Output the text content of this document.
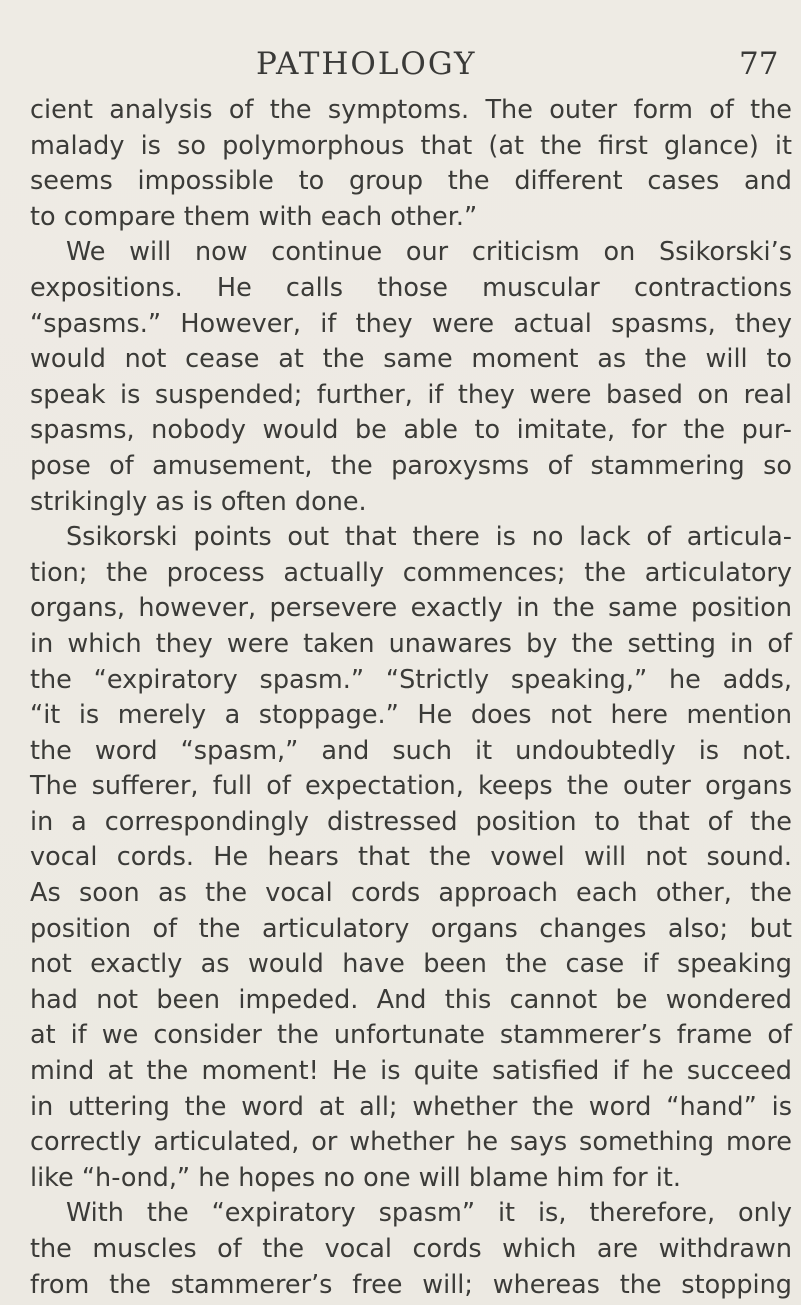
PATHOLOGY	77
cient analysis of the symptoms. The outer form of the
malady is so polymorphous that (at the first glance) it
seems impossible to group the different cases and
to compare them with each other.”
We will now continue our criticism on Ssikorski’s
expositions. He calls those muscular contractions
“spasms.” However, if they were actual spasms, they
would not cease at the same moment as the will to
speak is suspended; further, if they were based on real
spasms, nobody would be able to imitate, for the pur-
pose of amusement, the paroxysms of stammering so
strikingly as is often done.
Ssikorski points out that there is no lack of articula-
tion; the process actually commences; the articulatory
organs, however, persevere exactly in the same position
in which they were taken unawares by the setting in of
the “expiratory spasm.” “Strictly speaking,” he adds,
“it is merely a stoppage.” He does not here mention
the word “spasm,” and such it undoubtedly is not.
The sufferer, full of expectation, keeps the outer organs
in a correspondingly distressed position to that of the
vocal cords. He hears that the vowel will not sound.
As soon as the vocal cords approach each other, the
position of the articulatory organs changes also; but
not exactly as would have been the case if speaking
had not been impeded. And this cannot be wondered
at if we consider the unfortunate stammerer’s frame of
mind at the moment! He is quite satisfied if he succeed
in uttering the word at all; whether the word “hand” is
correctly articulated, or whether he says something more
like “h-ond,” he hopes no one will blame him for it.
With the “expiratory spasm” it is, therefore, only
the muscles of the vocal cords which are withdrawn
from the stammerer’s free will; whereas the stopping
